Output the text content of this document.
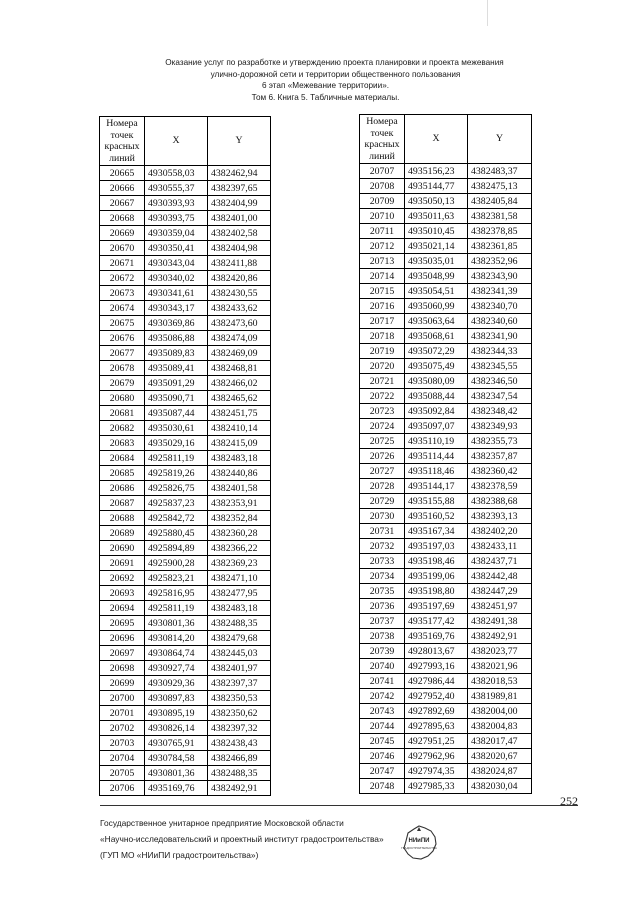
Оказание услуг по разработке и утверждению проекта планировки и проекта межевания
улично-дорожной сети и территории общественного пользования
6 этап «Межевание территории».
Том 6. Книга 5. Табличные материалы.
Номера
точек
красных
линий	X	Y
20665	4930558,03	4382462,94
20666	4930555,37	4382397,65
20667	4930393,93	4382404,99
20668	4930393,75	4382401,00
20669	4930359,04	4382402,58
20670	4930350,41	4382404,98
20671	4930343,04	4382411,88
20672	4930340,02	4382420,86
20673	4930341,61	4382430,55
20674	4930343,17	4382433,62
20675	4930369,86	4382473,60
20676	4935086,88	4382474,09
20677	4935089,83	4382469,09
20678	4935089,41	4382468,81
20679	4935091,29	4382466,02
20680	4935090,71	4382465,62
20681	4935087,44	4382451,75
20682	4935030,61	4382410,14
20683	4935029,16	4382415,09
20684	4925811,19	4382483,18
20685	4925819,26	4382440,86
20686	4925826,75	4382401,58
20687	4925837,23	4382353,91
20688	4925842,72	4382352,84
20689	4925880,45	4382360,28
20690	4925894,89	4382366,22
20691	4925900,28	4382369,23
20692	4925823,21	4382471,10
20693	4925816,95	4382477,95
20694	4925811,19	4382483,18
20695	4930801,36	4382488,35
20696	4930814,20	4382479,68
20697	4930864,74	4382445,03
20698	4930927,74	4382401,97
20699	4930929,36	4382397,37
20700	4930897,83	4382350,53
20701	4930895,19	4382350,62
20702	4930826,14	4382397,32
20703	4930765,91	4382438,43
20704	4930784,58	4382466,89
20705	4930801,36	4382488,35
20706	4935169,76	4382492,91
Номера
точек
красных
линий	X	Y
20707	4935156,23	4382483,37
20708	4935144,77	4382475,13
20709	4935050,13	4382405,84
20710	4935011,63	4382381,58
20711	4935010,45	4382378,85
20712	4935021,14	4382361,85
20713	4935035,01	4382352,96
20714	4935048,99	4382343,90
20715	4935054,51	4382341,39
20716	4935060,99	4382340,70
20717	4935063,64	4382340,60
20718	4935068,61	4382341,90
20719	4935072,29	4382344,33
20720	4935075,49	4382345,55
20721	4935080,09	4382346,50
20722	4935088,44	4382347,54
20723	4935092,84	4382348,42
20724	4935097,07	4382349,93
20725	4935110,19	4382355,73
20726	4935114,44	4382357,87
20727	4935118,46	4382360,42
20728	4935144,17	4382378,59
20729	4935155,88	4382388,68
20730	4935160,52	4382393,13
20731	4935167,34	4382402,20
20732	4935197,03	4382433,11
20733	4935198,46	4382437,71
20734	4935199,06	4382442,48
20735	4935198,80	4382447,29
20736	4935197,69	4382451,97
20737	4935177,42	4382491,38
20738	4935169,76	4382492,91
20739	4928013,67	4382023,77
20740	4927993,16	4382021,96
20741	4927986,44	4382018,53
20742	4927952,40	4381989,81
20743	4927892,69	4382004,00
20744	4927895,63	4382004,83
20745	4927951,25	4382017,47
20746	4927962,96	4382020,67
20747	4927974,35	4382024,87
20748	4927985,33	4382030,04
252
Государственное унитарное предприятие Московской области
«Научно-исследовательский и проектный институт градостроительства»
(ГУП МО «НИиПИ градостроительства»)
НИиПИ
ГРАДОСТРОИТЕЛЬСТВА
